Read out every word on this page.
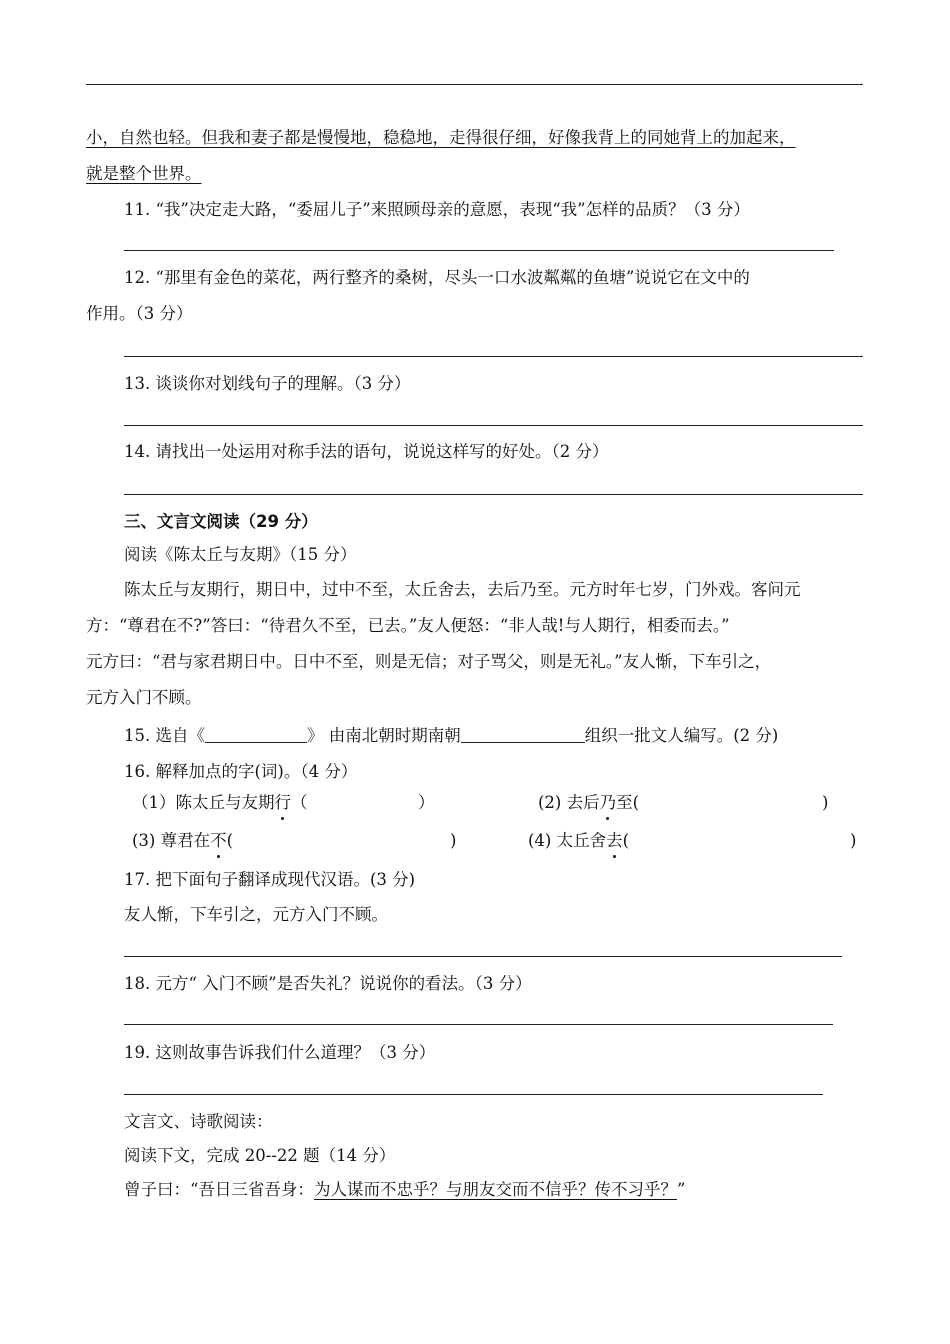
小，自然也轻。但我和妻子都是慢慢地，稳稳地，走得很仔细，好像我背上的同她背上的加起来，
就是整个世界。
11. “我”决定走大路，“委屈儿子”来照顾母亲的意愿，表现“我”怎样的品质？（3 分）
12. “那里有金色的菜花，两行整齐的桑树，尽头一口水波粼粼的鱼塘”说说它在文中的
作用。（3 分）
13. 谈谈你对划线句子的理解。（3 分）
14. 请找出一处运用对称手法的语句，说说这样写的好处。（2 分）
三、文言文阅读（29 分）
阅读《陈太丘与友期》（15 分）
陈太丘与友期行，期日中，过中不至，太丘舍去，去后乃至。元方时年七岁，门外戏。客问元
方：“尊君在不?”答曰：“待君久不至，已去。”友人便怒：“非人哉!与人期行，相委而去。”
元方曰：“君与家君期日中。日中不至，则是无信；对子骂父，则是无礼。”友人惭，下车引之，
元方入门不顾。
15. 选自《	》 由南北朝时期南朝	组织一批文人编写。(2 分)
16. 解释加点的字(词)。（4 分）
（1）陈太丘与友期行（	）	(2) 去后乃至(	)
(3) 尊君在不(	)	(4) 太丘舍去(	)
17. 把下面句子翻译成现代汉语。(3 分)
友人惭，下车引之，元方入门不顾。
18. 元方“ 入门不顾”是否失礼？说说你的看法。（3 分）
19. 这则故事告诉我们什么道理？（3 分）
文言文、诗歌阅读：
阅读下文，完成 20--22 题（14 分）
曾子曰：“吾日三省吾身：为人谋而不忠乎？与朋友交而不信乎？传不习乎？”
